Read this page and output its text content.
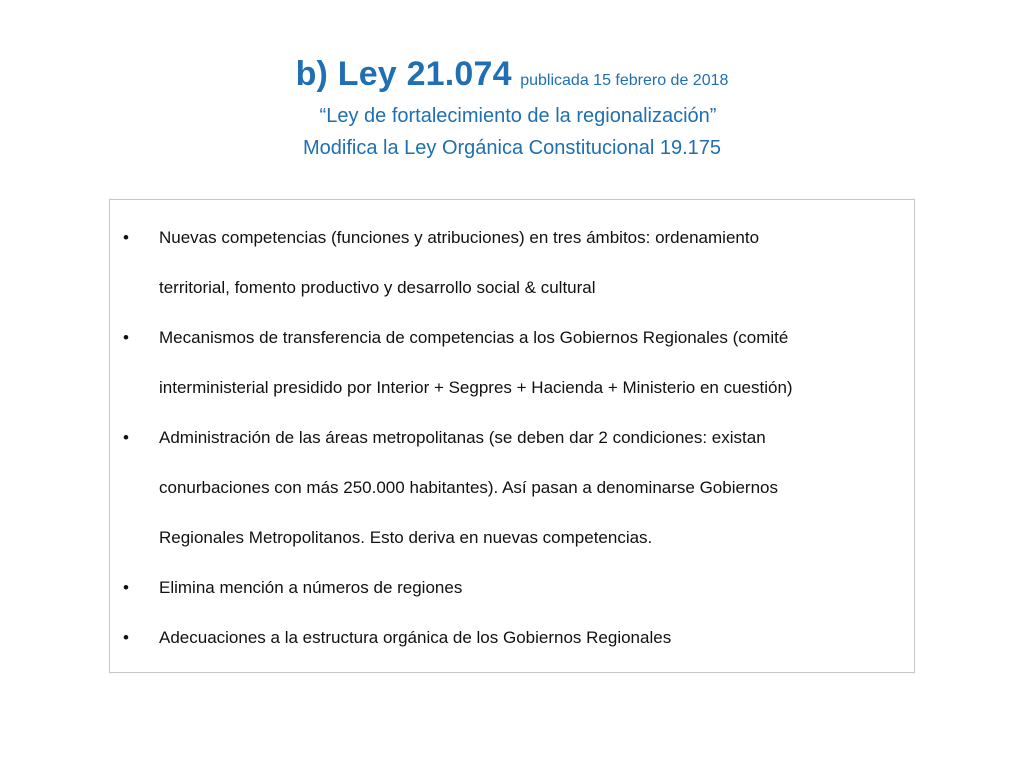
b) Ley 21.074 publicada 15 febrero de 2018
“Ley de fortalecimiento de la regionalización”
Modifica la Ley Orgánica Constitucional 19.175
• Nuevas competencias (funciones y atribuciones) en tres ámbitos: ordenamiento
territorial, fomento productivo y desarrollo social & cultural
• Mecanismos de transferencia de competencias a los Gobiernos Regionales (comité
interministerial presidido por Interior + Segpres + Hacienda + Ministerio en cuestión)
• Administración de las áreas metropolitanas (se deben dar 2 condiciones: existan
conurbaciones con más 250.000 habitantes). Así pasan a denominarse Gobiernos
Regionales Metropolitanos. Esto deriva en nuevas competencias.
• Elimina mención a números de regiones
• Adecuaciones a la estructura orgánica de los Gobiernos Regionales
